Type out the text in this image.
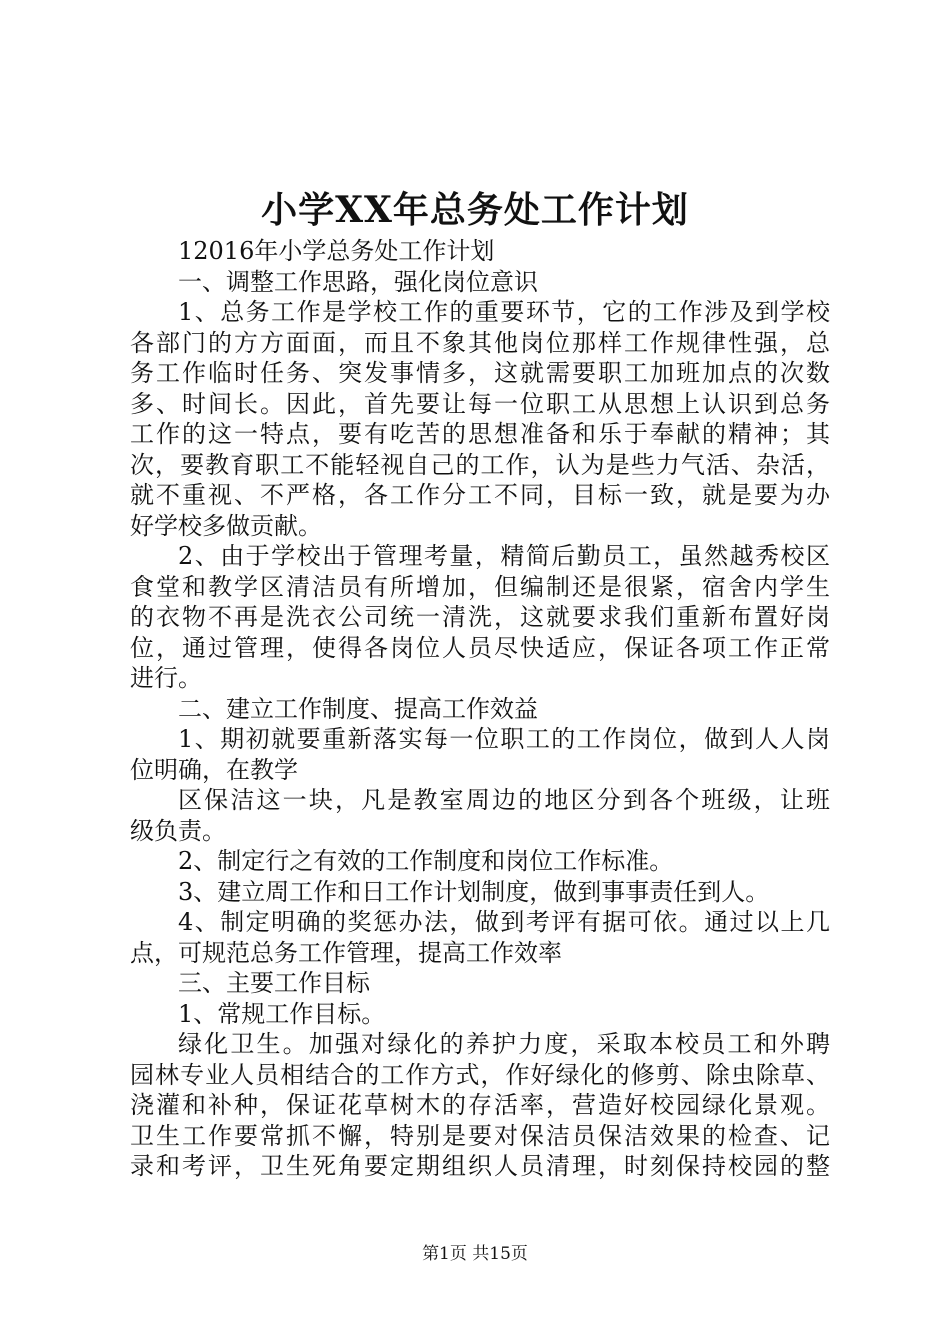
小学XX年总务处工作计划
12016年小学总务处工作计划
一、调整工作思路，强化岗位意识
1、总务工作是学校工作的重要环节，它的工作涉及到学校
各部门的方方面面，而且不象其他岗位那样工作规律性强，总
务工作临时任务、突发事情多，这就需要职工加班加点的次数
多、时间长。因此，首先要让每一位职工从思想上认识到总务
工作的这一特点，要有吃苦的思想准备和乐于奉献的精神；其
次，要教育职工不能轻视自己的工作，认为是些力气活、杂活，
就不重视、不严格，各工作分工不同，目标一致，就是要为办
好学校多做贡献。
2、由于学校出于管理考量，精简后勤员工，虽然越秀校区
食堂和教学区清洁员有所增加，但编制还是很紧，宿舍内学生
的衣物不再是洗衣公司统一清洗，这就要求我们重新布置好岗
位，通过管理，使得各岗位人员尽快适应，保证各项工作正常
进行。
二、建立工作制度、提高工作效益
1、期初就要重新落实每一位职工的工作岗位，做到人人岗
位明确，在教学
区保洁这一块，凡是教室周边的地区分到各个班级，让班
级负责。
2、制定行之有效的工作制度和岗位工作标准。
3、建立周工作和日工作计划制度，做到事事责任到人。
4、制定明确的奖惩办法，做到考评有据可依。通过以上几
点，可规范总务工作管理，提高工作效率
三、主要工作目标
1、常规工作目标。
绿化卫生。加强对绿化的养护力度，采取本校员工和外聘
园林专业人员相结合的工作方式，作好绿化的修剪、除虫除草、
浇灌和补种，保证花草树木的存活率，营造好校园绿化景观。
卫生工作要常抓不懈，特别是要对保洁员保洁效果的检查、记
录和考评，卫生死角要定期组织人员清理，时刻保持校园的整
第1页 共15页
